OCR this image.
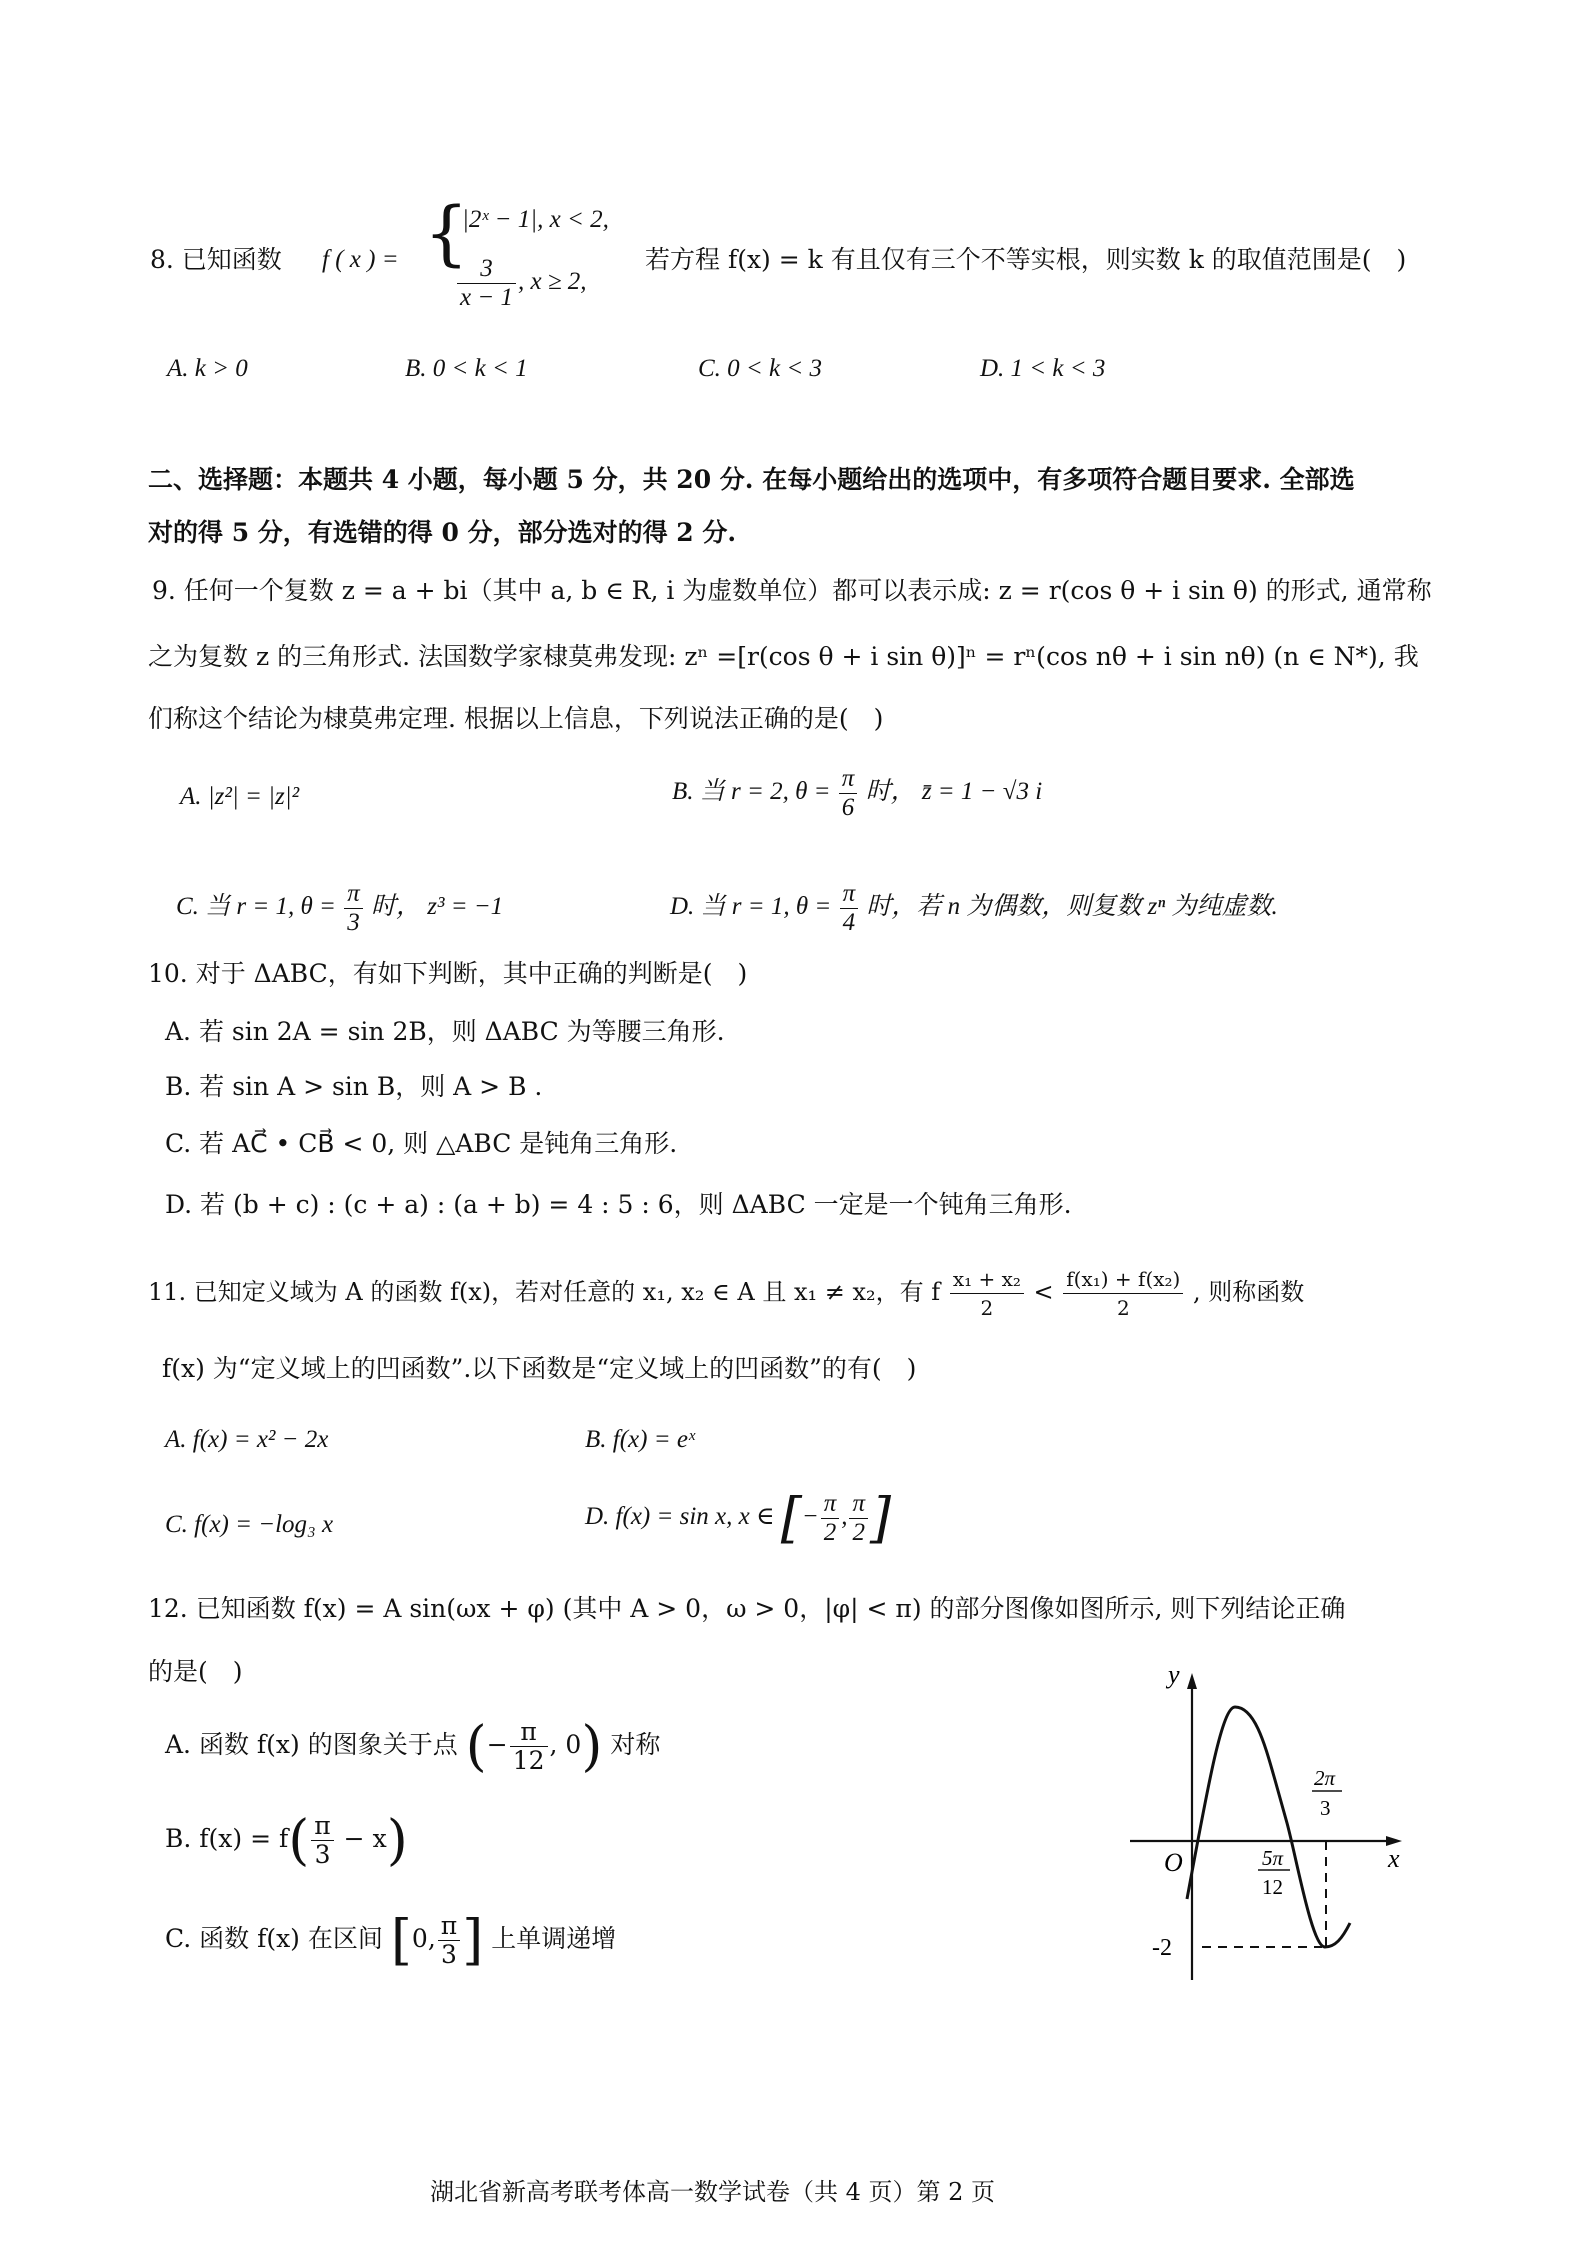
8. 已知函数 f ( x ) = {
|2ˣ − 1|, x < 2,
$\frac{3}{x - 1}$ , x ≥ 2,
若方程 f(x) = k 有且仅有三个不等实根，则实数 k 的取值范围是(　)
A. k > 0	B. 0 < k < 1	C. 0 < k < 3	D. 1 < k < 3
二、选择题：本题共 4 小题，每小题 5 分，共 20 分. 在每小题给出的选项中，有多项符合题目要求. 全部选
对的得 5 分，有选错的得 0 分，部分选对的得 2 分.
9. 任何一个复数 z = a + bi（其中 a, b ∈ R, i 为虚数单位）都可以表示成: z = r(cos θ + i sin θ) 的形式, 通常称
之为复数 z 的三角形式. 法国数学家棣莫弗发现: zⁿ =[r(cos θ + i sin θ)]ⁿ = rⁿ(cos nθ + i sin nθ) (n ∈ N*), 我
们称这个结论为棣莫弗定理. 根据以上信息，下列说法正确的是(　)
A. |z²| = |z|²	B. 当 r = 2, $\theta = \frac{\pi}{6}$ 时， z̄ = 1 − √3 i
C. 当 r = 1, $\theta = \frac{\pi}{3}$ 时， z³ = −1	D. 当 r = 1, $\theta = \frac{\pi}{4}$ 时，若 n 为偶数，则复数 zⁿ 为纯虚数.
10. 对于 ΔABC，有如下判断，其中正确的判断是(　)
A. 若 sin 2A = sin 2B，则 ΔABC 为等腰三角形.
B. 若 sin A > sin B，则 A > B .
C. 若 AC⃗ • CB⃗ < 0, 则 △ABC 是钝角三角形.
D. 若 (b + c) : (c + a) : (a + b) = 4 : 5 : 6，则 ΔABC 一定是一个钝角三角形.
11. 已知定义域为 A 的函数 f(x)，若对任意的 x₁, x₂ ∈ A 且 x₁ ≠ x₂，有 f $\frac{\text{x₁ + x₂}}{2} < \frac{\text{f(x₁) + f(x₂)}}{2}$ , 则称函数
f(x) 为“定义域上的凹函数”.以下函数是“定义域上的凹函数”的有(　)
A. f(x) = x² − 2x	B. f(x) = eˣ
C. f(x) = −log₃ x	D. f(x) = sin x, x ∈ [− $\frac{\pi}{2}$ , $\frac{\pi}{2}$ ]
12. 已知函数 f(x) = A sin(ωx + φ) (其中 A > 0，ω > 0，|φ| < π) 的部分图像如图所示, 则下列结论正确
的是(　)
A. 函数 f(x) 的图象关于点 (− $\frac{\pi}{12}$ , 0) 对称
B. $f(x) = f( \frac{\pi}{3} - x)$
C. 函数 f(x) 在区间 [0, $\frac{\pi}{3}$ ] 上单调递增
y
x
O	5π
12
2π
3
-2
湖北省新高考联考体高一数学试卷（共 4 页）第 2 页
